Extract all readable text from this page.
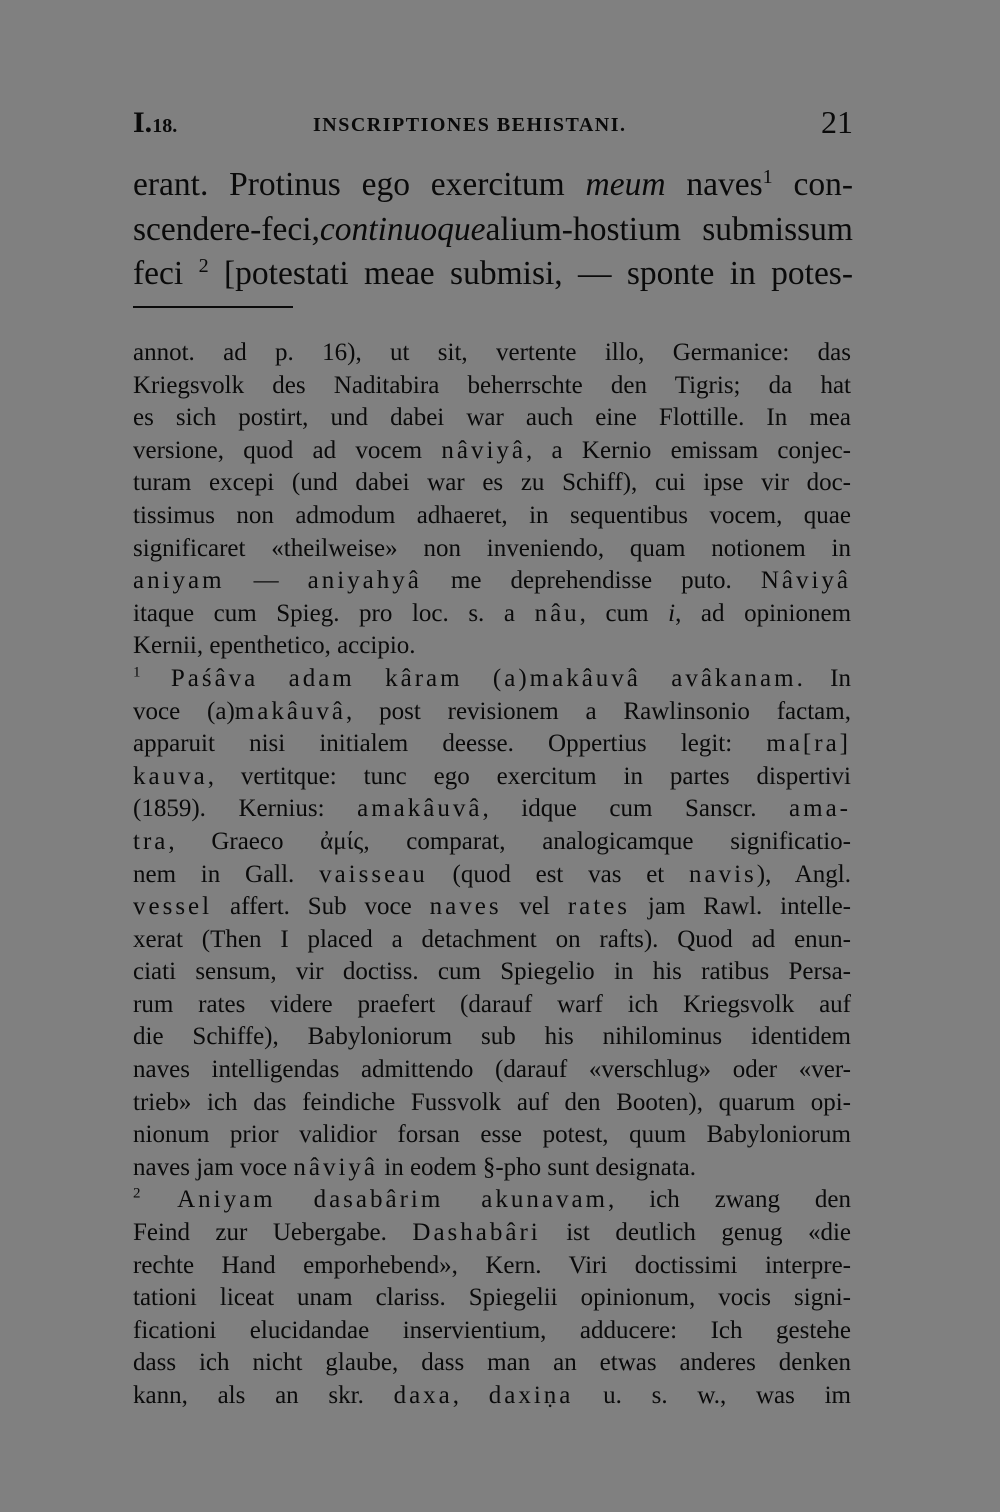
I.18.	INSCRIPTIONES BEHISTANI.	21
erant. Protinus ego exercitum meum naves$^1$ con-
scendere-feci,continuoquealium-hostium submissum
feci $^2$ [potestati meae submisi, — sponte in potes-
annot. ad p. 16), ut sit, vertente illo, Germanice: das
Kriegsvolk des Naditabira beherrschte den Tigris; da hat
es sich postirt, und dabei war auch eine Flottille. In mea
versione, quod ad vocem nâviyâ, a Kernio emissam conjec-
turam excepi (und dabei war es zu Schiff), cui ipse vir doc-
tissimus non admodum adhaeret, in sequentibus vocem, quae
significaret «theilweise» non inveniendo, quam notionem in
aniyam — aniyahyâ me deprehendisse puto. Nâviyâ
itaque cum Spieg. pro loc. s. a nâu, cum i, ad opinionem
Kernii, epenthetico, accipio.
$^1$ Paśâva adam kâram (a)makâuvâ avâkanam. In
voce (a)makâuvâ, post revisionem a Rawlinsonio factam,
apparuit nisi initialem deesse. Oppertius legit: ma[ra]
kauva, vertitque: tunc ego exercitum in partes dispertivi
(1859). Kernius: amakâuvâ, idque cum Sanscr. ama-
tra, Graeco ἀμίς, comparat, analogicamque significatio-
nem in Gall. vaisseau (quod est vas et navis), Angl.
vessel affert. Sub voce naves vel rates jam Rawl. intelle-
xerat (Then I placed a detachment on rafts). Quod ad enun-
ciati sensum, vir doctiss. cum Spiegelio in his ratibus Persa-
rum rates videre praefert (darauf warf ich Kriegsvolk auf
die Schiffe), Babyloniorum sub his nihilominus identidem
naves intelligendas admittendo (darauf «verschlug» oder «ver-
trieb» ich das feindiche Fussvolk auf den Booten), quarum opi-
nionum prior validior forsan esse potest, quum Babyloniorum
naves jam voce nâviyâ in eodem §-pho sunt designata.
$^2$ Aniyam dasabârim akunavam, ich zwang den
Feind zur Uebergabe. Dashabâri ist deutlich genug «die
rechte Hand emporhebend», Kern. Viri doctissimi interpre-
tationi liceat unam clariss. Spiegelii opinionum, vocis signi-
ficationi elucidandae inservientium, adducere: Ich gestehe
dass ich nicht glaube, dass man an etwas anderes denken
kann, als an skr. daxa, daxiṇa u. s. w., was im
